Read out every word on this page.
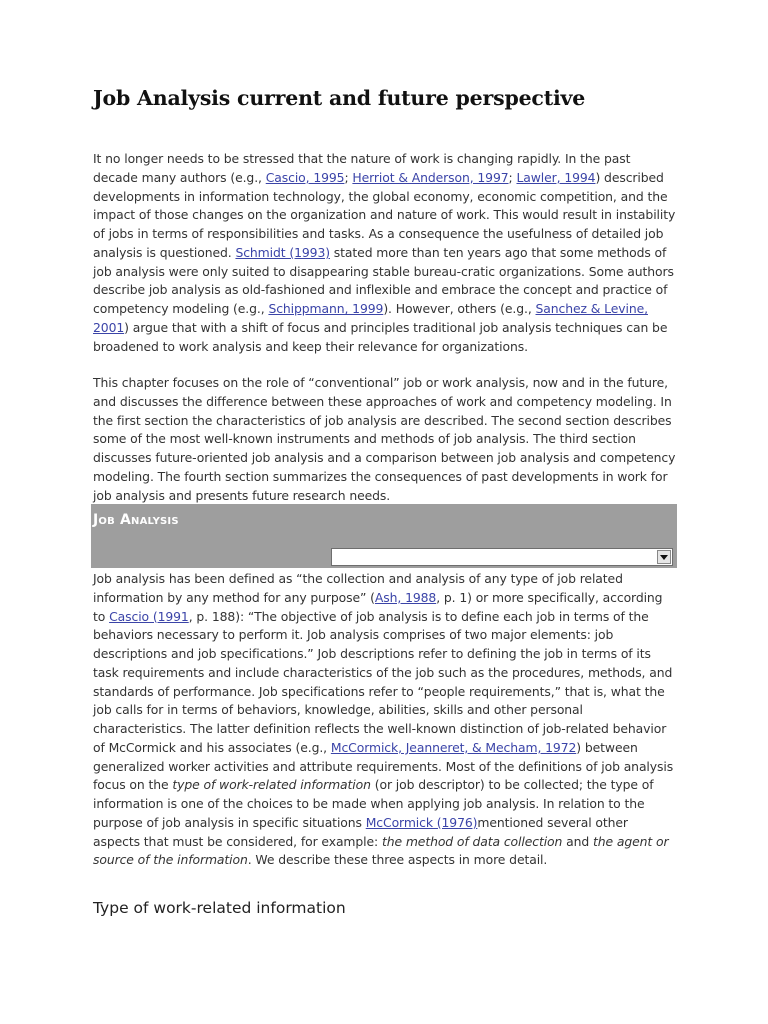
Job Analysis current and future perspective

It no longer needs to be stressed that the nature of work is changing rapidly. In the past decade many authors (e.g., Cascio, 1995; Herriot & Anderson, 1997; Lawler, 1994) described developments in information technology, the global economy, economic competition, and the impact of those changes on the organization and nature of work. This would result in instability of jobs in terms of responsibilities and tasks. As a consequence the usefulness of detailed job analysis is questioned. Schmidt (1993) stated more than ten years ago that some methods of job analysis were only suited to disappearing stable bureau-cratic organizations. Some authors describe job analysis as old-fashioned and inflexible and embrace the concept and practice of competency modeling (e.g., Schippmann, 1999). However, others (e.g., Sanchez & Levine, 2001) argue that with a shift of focus and principles traditional job analysis techniques can be broadened to work analysis and keep their relevance for organizations.

This chapter focuses on the role of “conventional” job or work analysis, now and in the future, and discusses the difference between these approaches of work and competency modeling. In the first section the characteristics of job analysis are described. The second section describes some of the most well-known instruments and methods of job analysis. The third section discusses future-oriented job analysis and a comparison between job analysis and competency modeling. The fourth section summarizes the consequences of past developments in work for job analysis and presents future research needs.

Job Analysis

Job analysis has been defined as “the collection and analysis of any type of job related information by any method for any purpose” (Ash, 1988, p. 1) or more specifically, according to Cascio (1991, p. 188): “The objective of job analysis is to define each job in terms of the behaviors necessary to perform it. Job analysis comprises of two major elements: job descriptions and job specifications.” Job descriptions refer to defining the job in terms of its task requirements and include characteristics of the job such as the procedures, methods, and standards of performance. Job specifications refer to “people requirements,” that is, what the job calls for in terms of behaviors, knowledge, abilities, skills and other personal characteristics. The latter definition reflects the well-known distinction of job-related behavior of McCormick and his associates (e.g., McCormick, Jeanneret, & Mecham, 1972) between generalized worker activities and attribute requirements. Most of the definitions of job analysis focus on the type of work-related information (or job descriptor) to be collected; the type of information is one of the choices to be made when applying job analysis. In relation to the purpose of job analysis in specific situations McCormick (1976)mentioned several other aspects that must be considered, for example: the method of data collection and the agent or source of the information. We describe these three aspects in more detail.

Type of work-related information
